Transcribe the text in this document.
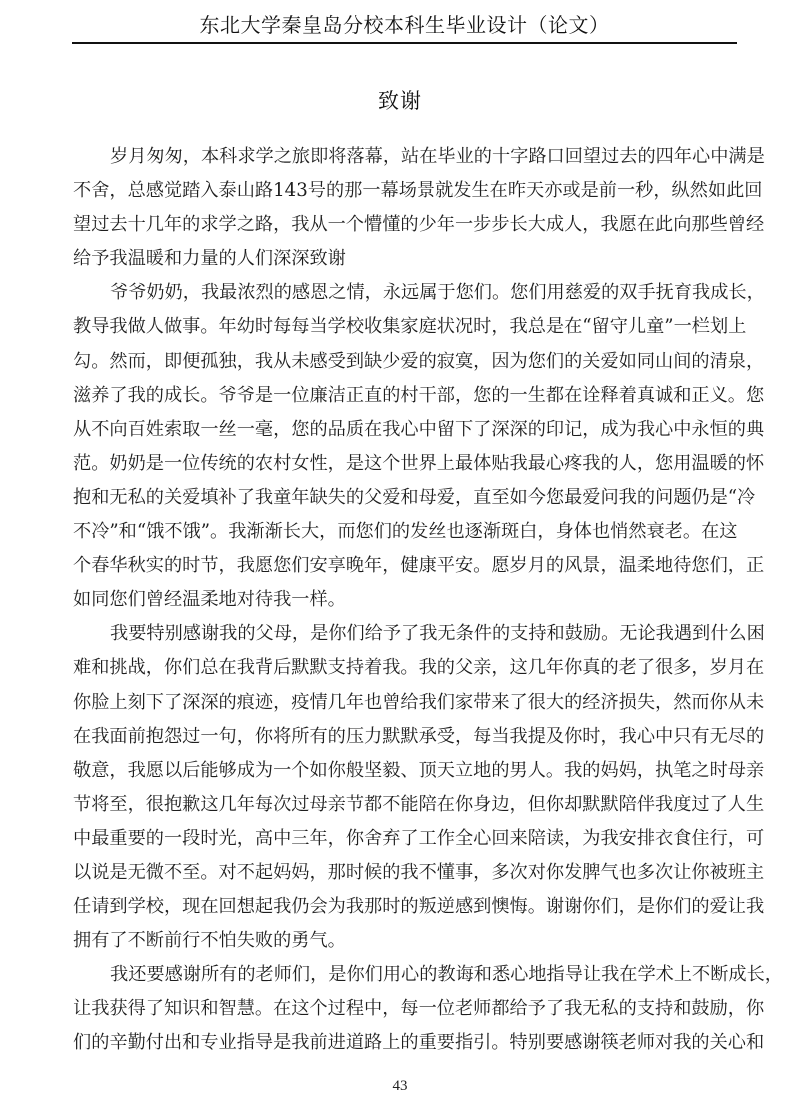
东北大学秦皇岛分校本科生毕业设计（论文）
致谢

岁月匆匆，本科求学之旅即将落幕，站在毕业的十字路口回望过去的四年心中满是
不舍，总感觉踏入泰山路143号的那一幕场景就发生在昨天亦或是前一秒，纵然如此回
望过去十几年的求学之路，我从一个懵懂的少年一步步长大成人，我愿在此向那些曾经
给予我温暖和力量的人们深深致谢

爷爷奶奶，我最浓烈的感恩之情，永远属于您们。您们用慈爱的双手抚育我成长，
教导我做人做事。年幼时每每当学校收集家庭状况时，我总是在“留守儿童”一栏划上
勾。然而，即便孤独，我从未感受到缺少爱的寂寞，因为您们的关爱如同山间的清泉，
滋养了我的成长。爷爷是一位廉洁正直的村干部，您的一生都在诠释着真诚和正义。您
从不向百姓索取一丝一毫，您的品质在我心中留下了深深的印记，成为我心中永恒的典
范。奶奶是一位传统的农村女性，是这个世界上最体贴我最心疼我的人，您用温暖的怀
抱和无私的关爱填补了我童年缺失的父爱和母爱，直至如今您最爱问我的问题仍是“冷
不冷”和“饿不饿”。我渐渐长大，而您们的发丝也逐渐斑白，身体也悄然衰老。在这
个春华秋实的时节，我愿您们安享晚年，健康平安。愿岁月的风景，温柔地待您们，正
如同您们曾经温柔地对待我一样。

我要特别感谢我的父母，是你们给予了我无条件的支持和鼓励。无论我遇到什么困
难和挑战，你们总在我背后默默支持着我。我的父亲，这几年你真的老了很多，岁月在
你脸上刻下了深深的痕迹，疫情几年也曾给我们家带来了很大的经济损失，然而你从未
在我面前抱怨过一句，你将所有的压力默默承受，每当我提及你时，我心中只有无尽的
敬意，我愿以后能够成为一个如你般坚毅、顶天立地的男人。我的妈妈，执笔之时母亲
节将至，很抱歉这几年每次过母亲节都不能陪在你身边，但你却默默陪伴我度过了人生
中最重要的一段时光，高中三年，你舍弃了工作全心回来陪读，为我安排衣食住行，可
以说是无微不至。对不起妈妈，那时候的我不懂事，多次对你发脾气也多次让你被班主
任请到学校，现在回想起我仍会为我那时的叛逆感到懊悔。谢谢你们，是你们的爱让我
拥有了不断前行不怕失败的勇气。

我还要感谢所有的老师们，是你们用心的教诲和悉心地指导让我在学术上不断成长，
让我获得了知识和智慧。在这个过程中，每一位老师都给予了我无私的支持和鼓励，你
们的辛勤付出和专业指导是我前进道路上的重要指引。特别要感谢筷老师对我的关心和

43
